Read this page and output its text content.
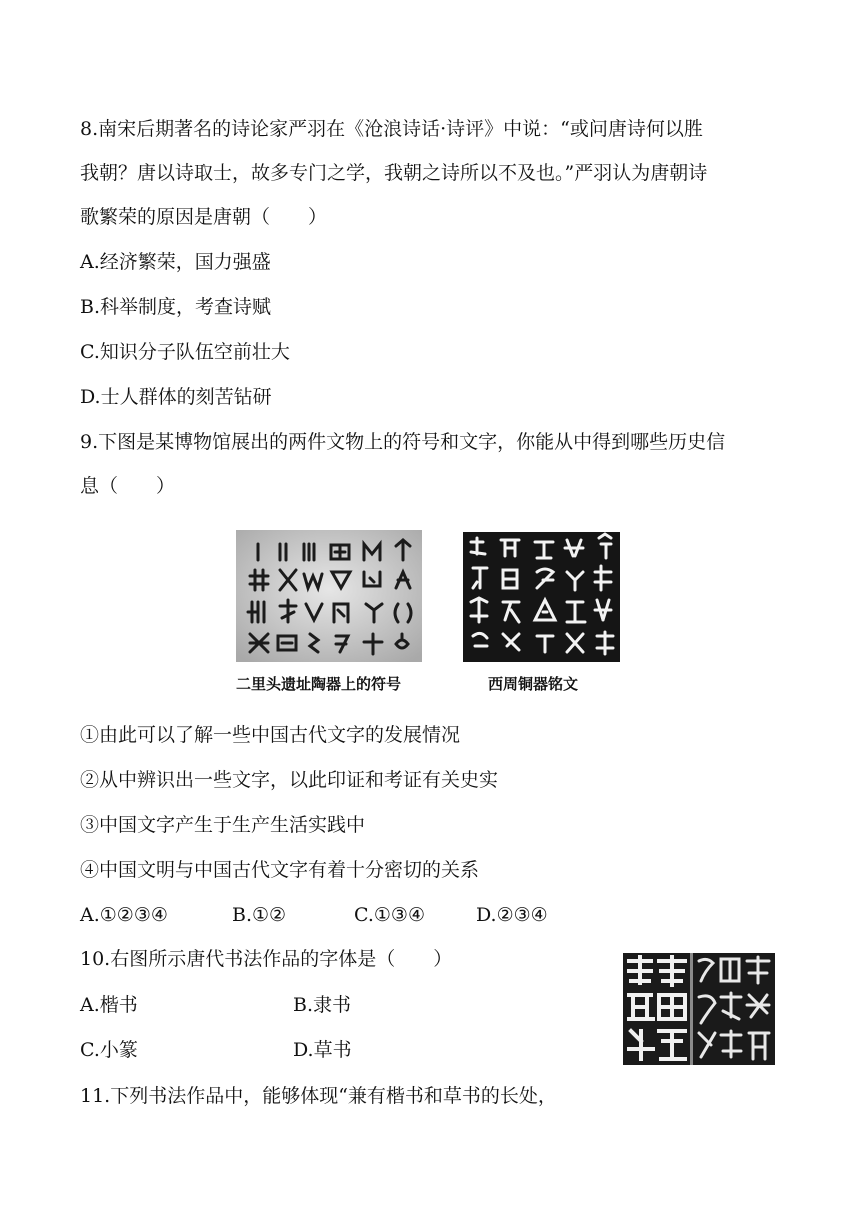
8.南宋后期著名的诗论家严羽在《沧浪诗话·诗评》中说：“或问唐诗何以胜
我朝？唐以诗取士，故多专门之学，我朝之诗所以不及也。”严羽认为唐朝诗
歌繁荣的原因是唐朝（　　）
A.经济繁荣，国力强盛
B.科举制度，考查诗赋
C.知识分子队伍空前壮大
D.士人群体的刻苦钻研
9.下图是某博物馆展出的两件文物上的符号和文字，你能从中得到哪些历史信
息（　　）
二里头遗址陶器上的符号	西周铜器铭文
①由此可以了解一些中国古代文字的发展情况
②从中辨识出一些文字，以此印证和考证有关史实
③中国文字产生于生产生活实践中
④中国文明与中国古代文字有着十分密切的关系
A.①②③④	B.①②	C.①③④	D.②③④
10.右图所示唐代书法作品的字体是（　　）
A.楷书	B.隶书
C.小篆	D.草书
11.下列书法作品中，能够体现“兼有楷书和草书的长处，
